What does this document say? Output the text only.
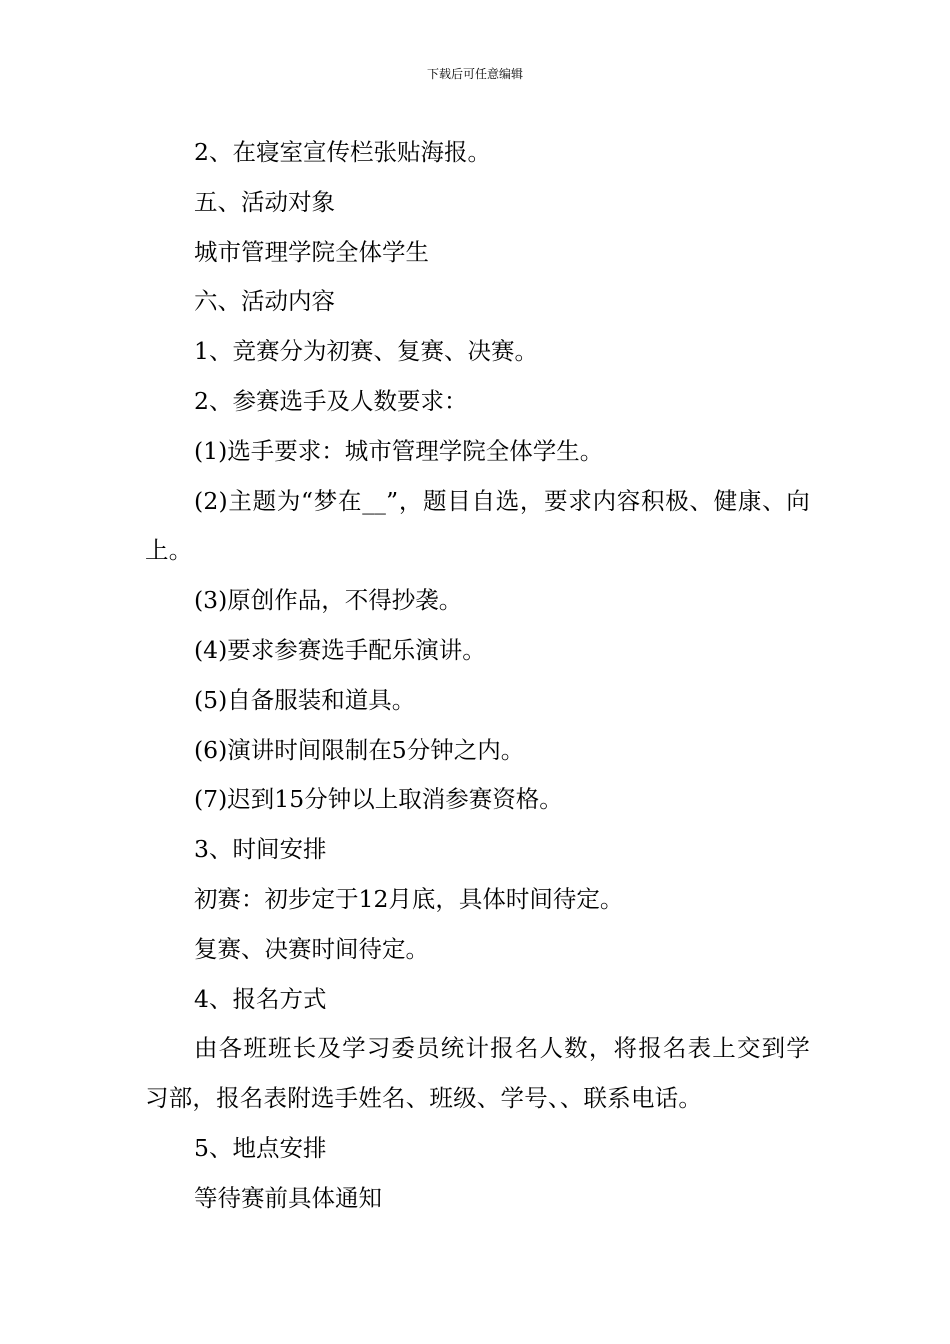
下载后可任意编辑

2、在寝室宣传栏张贴海报。

五、活动对象

城市管理学院全体学生

六、活动内容

1、竞赛分为初赛、复赛、决赛。

2、参赛选手及人数要求：

(1)选手要求：城市管理学院全体学生。

(2)主题为“梦在__”，题目自选，要求内容积极、健康、向上。

(3)原创作品，不得抄袭。

(4)要求参赛选手配乐演讲。

(5)自备服装和道具。

(6)演讲时间限制在5分钟之内。

(7)迟到15分钟以上取消参赛资格。

3、时间安排

初赛：初步定于12月底，具体时间待定。

复赛、决赛时间待定。

4、报名方式

由各班班长及学习委员统计报名人数，将报名表上交到学习部，报名表附选手姓名、班级、学号、、联系电话。

5、地点安排

等待赛前具体通知
